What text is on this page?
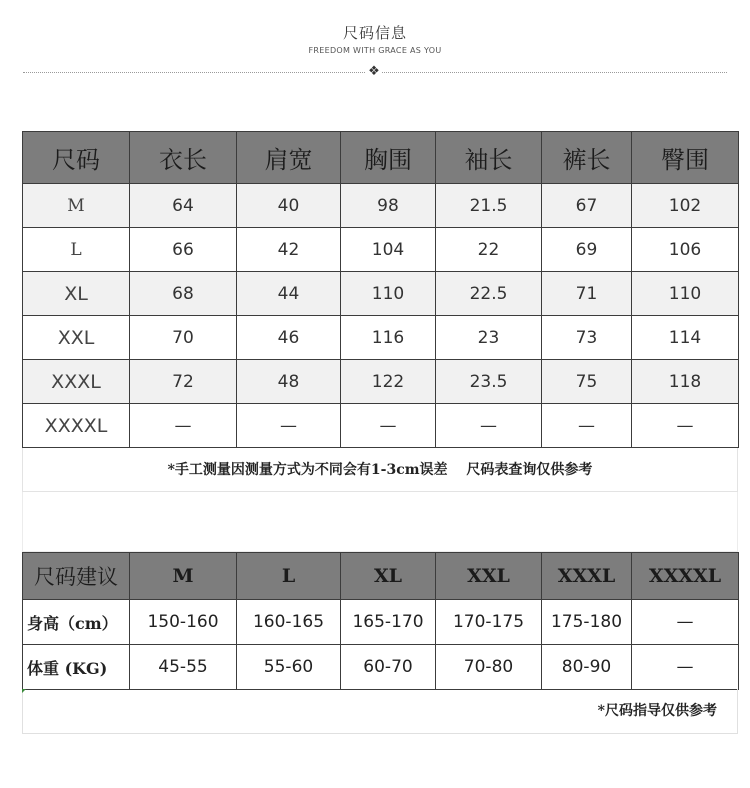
尺码信息
FREEDOM WITH GRACE AS YOU
❖
尺码	衣长	肩宽	胸围	袖长	裤长	臀围
M	64	40	98	21.5	67	102
L	66	42	104	22	69	106
XL	68	44	110	22.5	71	110
XXL	70	46	116	23	73	114
XXXL	72	48	122	23.5	75	118
XXXXL	—	—	—	—	—	—
*手工测量因测量方式为不同会有1-3cm误差　 尺码表查询仅供参考
尺码建议	M	L	XL	XXL	XXXL	XXXXL
身高（cm）	150-160	160-165	165-170	170-175	175-180	—
体重 (KG)	45-55	55-60	60-70	70-80	80-90	—
*尺码指导仅供参考
